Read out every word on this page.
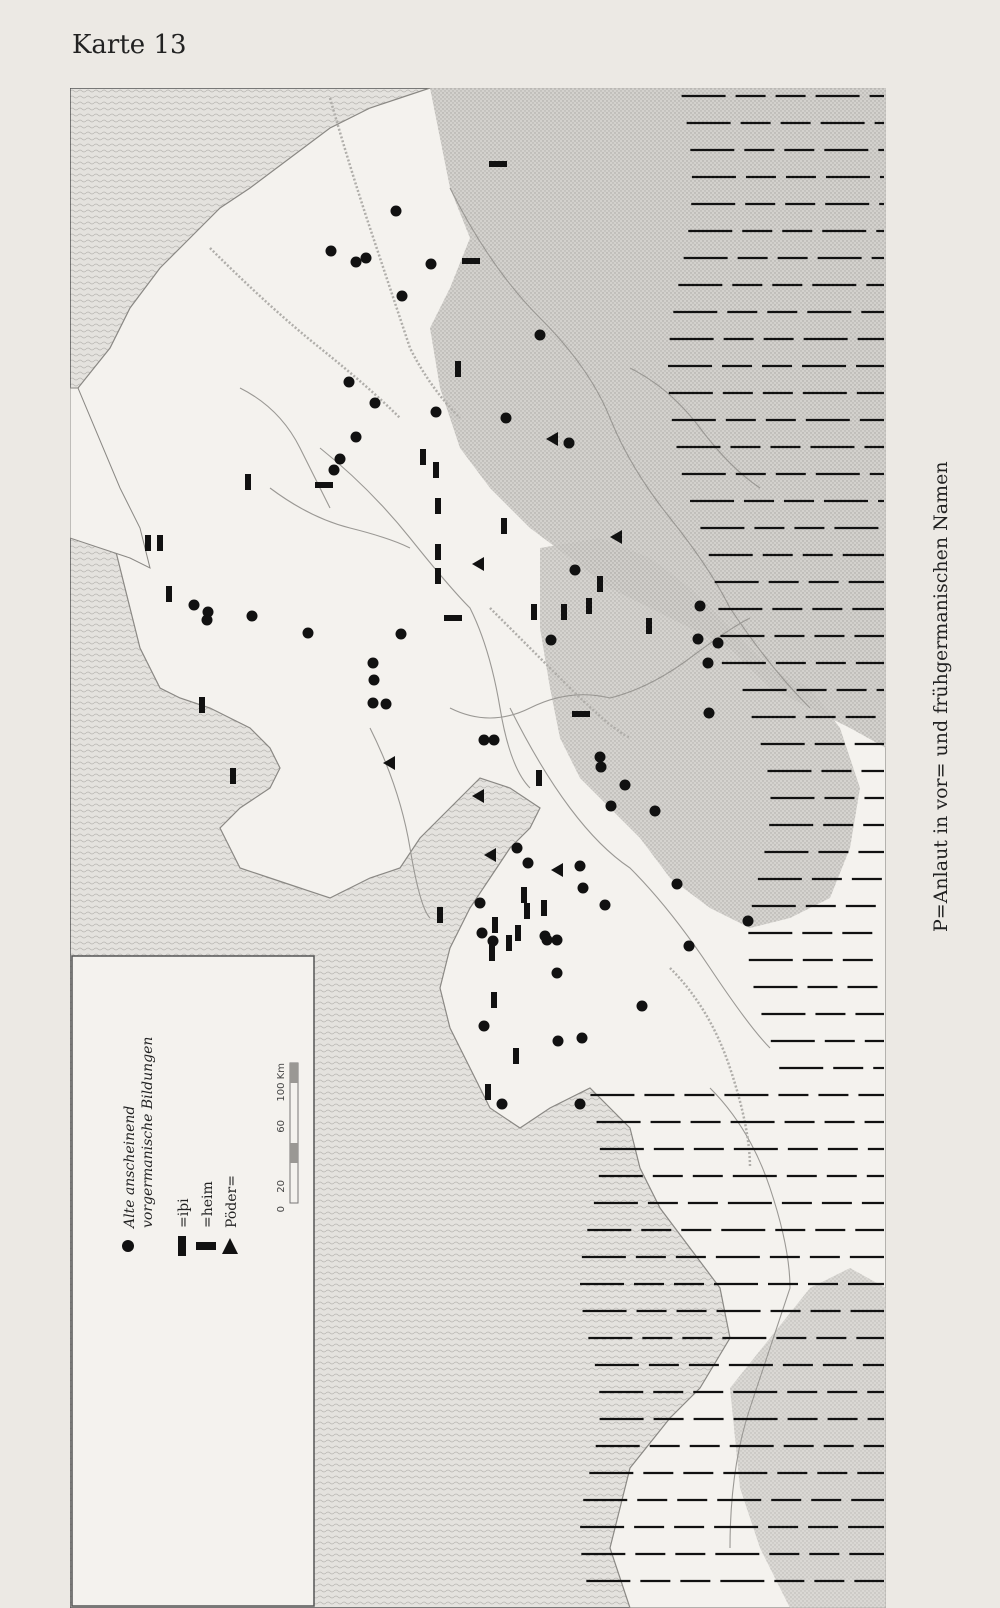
Karte 13
Alte anscheinend vorgermanische Bildungen =iþi =heim Pöder=	0
20
60
100 Km
P=Anlaut in vor= und frühgermanischen Namen
